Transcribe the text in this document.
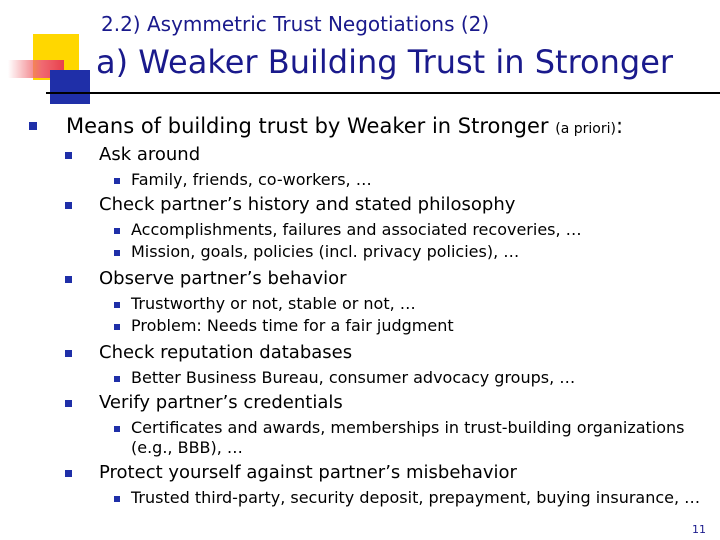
2.2) Asymmetric Trust Negotiations (2)
a) Weaker Building Trust in Stronger
Means of building trust by Weaker in Stronger (a priori):
Ask around
Family, friends, co-workers, …
Check partner’s history and stated philosophy
Accomplishments, failures and associated recoveries, …
Mission, goals, policies (incl. privacy policies), …
Observe partner’s behavior
Trustworthy or not, stable or not, …
Problem: Needs time for a fair judgment
Check reputation databases
Better Business Bureau, consumer advocacy groups, …
Verify partner’s credentials
Certificates and awards, memberships in trust-building organizations
(e.g., BBB), …
Protect yourself against partner’s misbehavior
Trusted third-party, security deposit, prepayment, buying insurance, …
11
